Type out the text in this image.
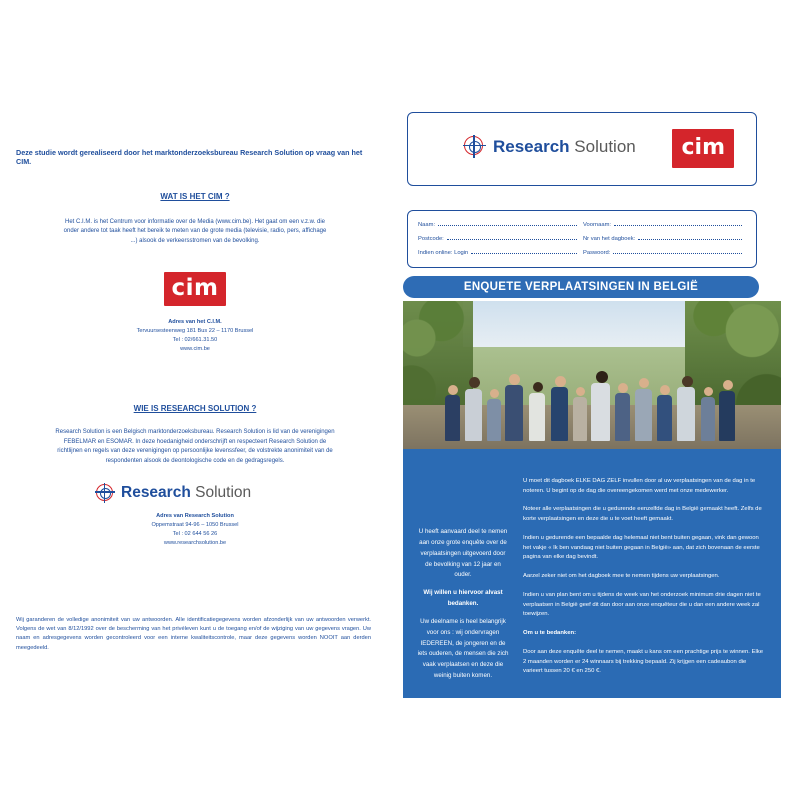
Deze studie wordt gerealiseerd door het marktonderzoeksbureau Research Solution op vraag van het CIM.
WAT IS HET CIM ?
Het C.I.M. is het Centrum voor informatie over de Media (www.cim.be). Het gaat om een v.z.w. die onder andere tot taak heeft het bereik te meten van de grote media (televisie, radio, pers, affichage ...) alsook de verkeersstromen van de bevolking.
cim
Adres van het C.I.M.
Tervuursesteenweg 181 Bus 22 – 1170 Brussel
Tel : 02/661.31.50
www.cim.be
WIE IS RESEARCH SOLUTION ?
Research Solution is een Belgisch marktonderzoeksbureau. Research Solution is lid van de verenigingen FEBELMAR en ESOMAR. In deze hoedanigheid onderschrijft en respecteert Research Solution de richtlijnen en regels van deze verenigingen op persoonlijke levenssfeer, de volstrekte anonimiteit van de respondenten alsook de deontologische code en de gedragsregels.
Research Solution
Adres van Research Solution
Oppemstraat 94-96 – 1050 Brussel
Tel : 02 644 56 26
www.researchsolution.be
Wij garanderen de volledige anonimiteit van uw antwoorden. Alle identificatiegegevens worden afzonderlijk van uw antwoorden verwerkt. Volgens de wet van 8/12/1992 over de bescherming van het privéleven kunt u de toegang en/of de wijziging van uw gegevens vragen. Uw naam en adresgegevens worden gecontroleerd voor een interne kwaliteitscontrole, maar deze gegevens worden NOOIT aan derden meegedeeld.
Research Solution	cim
Naam:	Voornaam:
Postcode:	Nr van het dagboek:
Indien online: Login	Paswoord:
ENQUETE VERPLAATSINGEN IN BELGIË
U heeft aanvaard deel te nemen aan onze grote enquête over de verplaatsingen uitgevoerd door de bevolking van 12 jaar en ouder.
Wij willen u hiervoor alvast bedanken.
Uw deelname is heel belangrijk voor ons : wij ondervragen IEDEREEN, de jongeren en de iets ouderen, de mensen die zich vaak verplaatsen en deze die weinig buiten komen.

U moet dit dagboek ELKE DAG ZELF invullen door al uw verplaatsingen van de dag in te noteren. U begint op de dag die overeengekomen werd met onze medewerker.

Noteer alle verplaatsingen die u gedurende eenzelfde dag in België gemaakt heeft. Zelfs de korte verplaatsingen en deze die u te voet heeft gemaakt.

Indien u gedurende een bepaalde dag helemaal niet bent buiten gegaan, vink dan gewoon het vakje « Ik ben vandaag niet buiten gegaan in België» aan, dat zich bovenaan de eerste pagina van elke dag bevindt.

Aarzel zeker niet om het dagboek mee te nemen tijdens uw verplaatsingen.

Indien u van plan bent om u tijdens de week van het onderzoek minimum drie dagen niet te verplaatsen in België geef dit dan door aan onze enquêteur die u dan een andere week zal toewijzen.

Om u te bedanken:

Door aan deze enquête deel te nemen, maakt u kans om een prachtige prijs te winnen. Elke 2 maanden worden er 24 winnaars bij trekking bepaald. Zij krijgen een cadeaubon die varieert tussen 20 € en 250 €.
